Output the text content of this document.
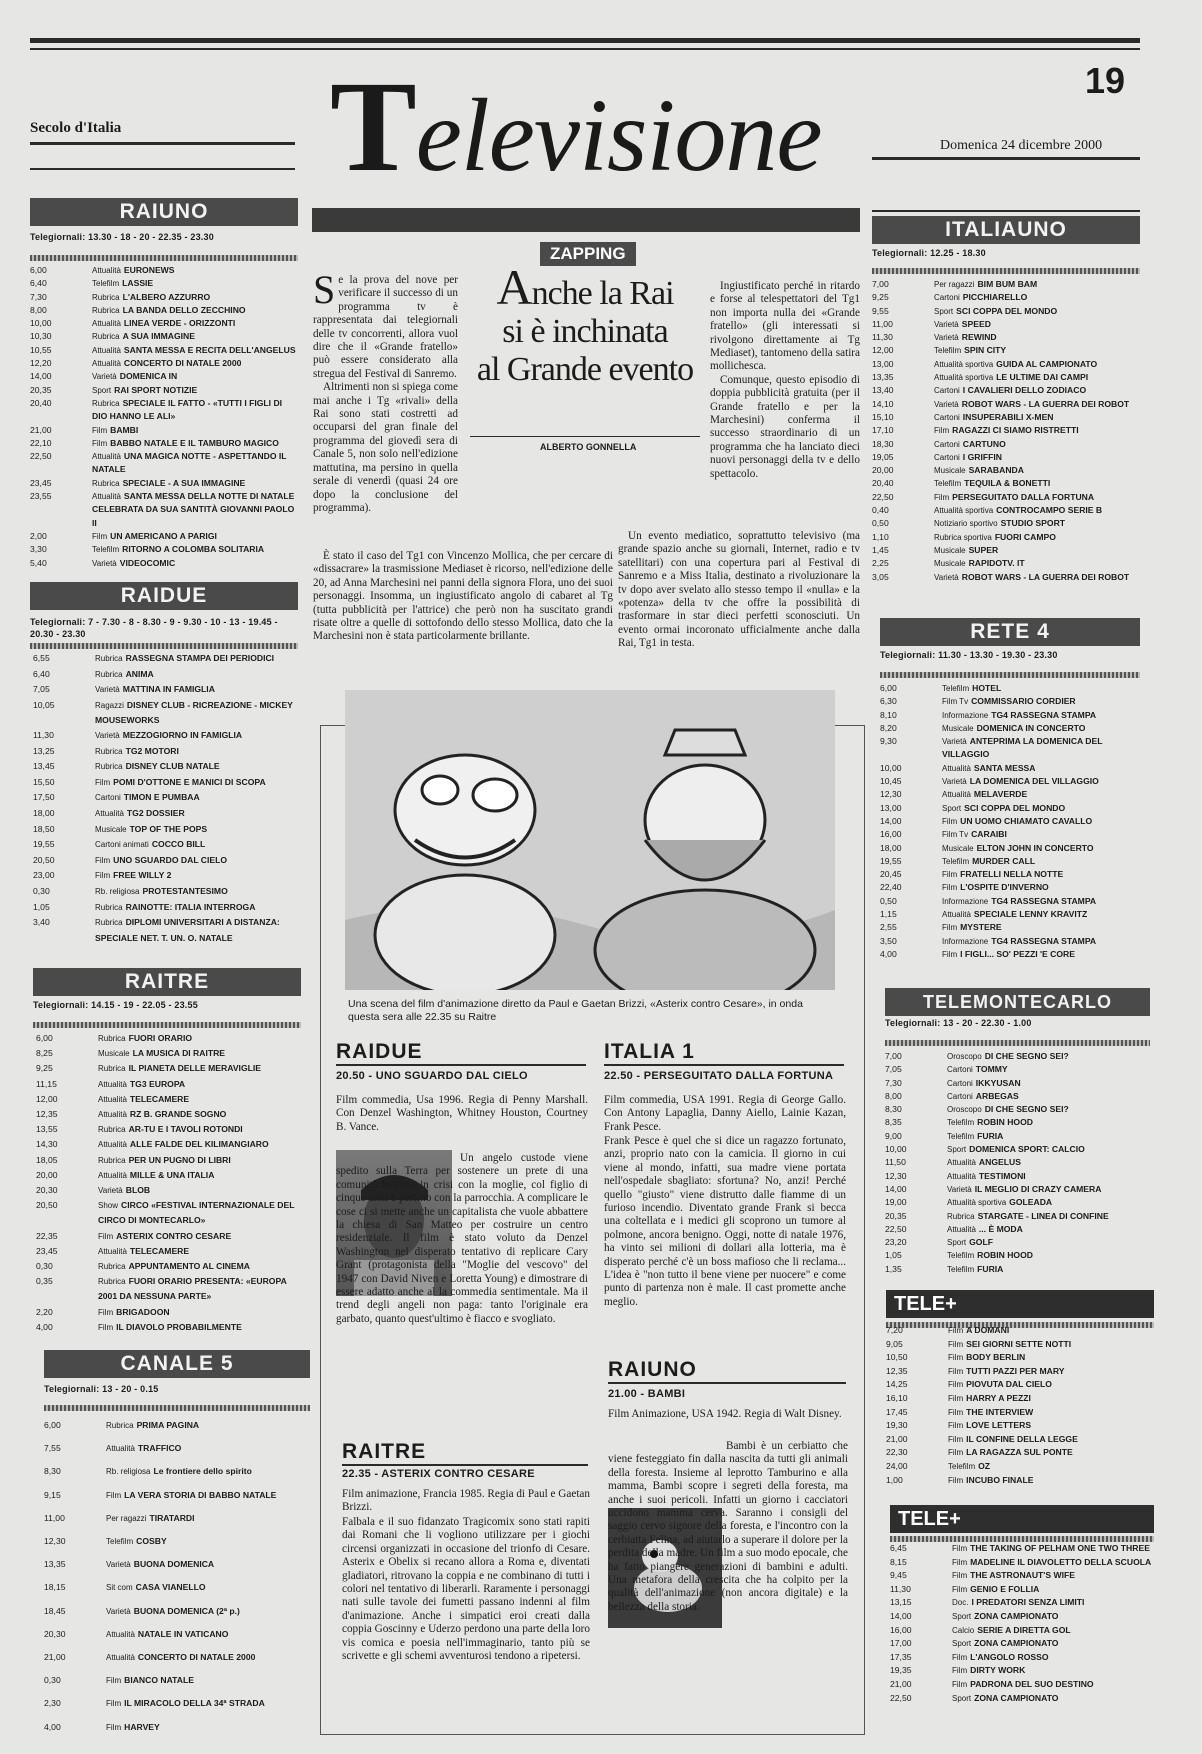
19
Secolo d'Italia Televisione	Domenica 24 dicembre 2000
RAIUNO
Telegiornali: 13.30 - 18 - 20 - 22.35 - 23.30
6,00	Attualità EURONEWS
6,40	Telefilm LASSIE
7,30	Rubrica L'ALBERO AZZURRO
8,00	Rubrica LA BANDA DELLO ZECCHINO
10,00	Attualità LINEA VERDE - ORIZZONTI
10,30	Rubrica A SUA IMMAGINE
10,55	Attualità SANTA MESSA E RECITA DELL'ANGELUS
12,20	Attualità CONCERTO DI NATALE 2000
14,00	Varietà DOMENICA IN
20,35	Sport RAI SPORT NOTIZIE
20,40	Rubrica SPECIALE IL FATTO - «TUTTI I FIGLI DI DIO HANNO LE ALI»
21,00	Film BAMBI
22,10	Film BABBO NATALE E IL TAMBURO MAGICO
22,50	Attualità UNA MAGICA NOTTE - ASPETTANDO IL NATALE
23,45	Rubrica SPECIALE - A SUA IMMAGINE
23,55	Attualità SANTA MESSA DELLA NOTTE DI NATALE CELEBRATA DA SUA SANTITÀ GIOVANNI PAOLO II
2,00	Film UN AMERICANO A PARIGI
3,30	Telefilm RITORNO A COLOMBA SOLITARIA
5,40	Varietà VIDEOCOMIC
RAIDUE
Telegiornali: 7 - 7.30 - 8 - 8.30 - 9 - 9.30 - 10 - 13 - 19.45 - 20.30 - 23.30
6,55	Rubrica RASSEGNA STAMPA DEI PERIODICI
6,40	Rubrica ANIMA
7,05	Varietà MATTINA IN FAMIGLIA
10,05	Ragazzi DISNEY CLUB - RICREAZIONE - MICKEY MOUSEWORKS
11,30	Varietà MEZZOGIORNO IN FAMIGLIA
13,25	Rubrica TG2 MOTORI
13,45	Rubrica DISNEY CLUB NATALE
15,50	Film POMI D'OTTONE E MANICI DI SCOPA
17,50	Cartoni TIMON E PUMBAA
18,00	Attualità TG2 DOSSIER
18,50	Musicale TOP OF THE POPS
19,55	Cartoni animati COCCO BILL
20,50	Film UNO SGUARDO DAL CIELO
23,00	Film FREE WILLY 2
0,30	Rb. religiosa PROTESTANTESIMO
1,05	Rubrica RAINOTTE: ITALIA INTERROGA
3,40	Rubrica DIPLOMI UNIVERSITARI A DISTANZA: SPECIALE NET. T. UN. O. NATALE
RAITRE
Telegiornali: 14.15 - 19 - 22.05 - 23.55
6,00	Rubrica FUORI ORARIO
8,25	Musicale LA MUSICA DI RAITRE
9,25	Rubrica IL PIANETA DELLE MERAVIGLIE
11,15	Attualità TG3 EUROPA
12,00	Attualità TELECAMERE
12,35	Attualità RZ B. GRANDE SOGNO
13,55	Rubrica AR-TU E I TAVOLI ROTONDI
14,30	Attualità ALLE FALDE DEL KILIMANGIARO
18,05	Rubrica PER UN PUGNO DI LIBRI
20,00	Attualità MILLE & UNA ITALIA
20,30	Varietà BLOB
20,50	Show CIRCO «FESTIVAL INTERNAZIONALE DEL CIRCO DI MONTECARLO»
22,35	Film ASTERIX CONTRO CESARE
23,45	Attualità TELECAMERE
0,30	Rubrica APPUNTAMENTO AL CINEMA
0,35	Rubrica FUORI ORARIO PRESENTA: «EUROPA 2001 DA NESSUNA PARTE»
2,20	Film BRIGADOON
4,00	Film IL DIAVOLO PROBABILMENTE
CANALE 5
Telegiornali: 13 - 20 - 0.15
6,00	Rubrica PRIMA PAGINA
7,55	Attualità TRAFFICO
8,30	Rb. religiosa Le frontiere dello spirito
9,15	Film LA VERA STORIA DI BABBO NATALE
11,00	Per ragazzi TIRATARDI
12,30	Telefilm COSBY
13,35	Varietà BUONA DOMENICA
18,15	Sit com CASA VIANELLO
18,45	Varietà BUONA DOMENICA (2ª p.)
20,30	Attualità NATALE IN VATICANO
21,00	Attualità CONCERTO DI NATALE 2000
0,30	Film BIANCO NATALE
2,30	Film IL MIRACOLO DELLA 34ª STRADA
4,00	Film HARVEY
ZAPPING

Se la prova del nove per verificare il successo di un programma tv è rappresentata dai telegiornali delle tv concorrenti, allora vuol dire che il «Grande fratello» può essere considerato alla stregua del Festival di Sanremo.

Altrimenti non si spiega come mai anche i Tg «rivali» della Rai sono stati costretti ad occuparsi del gran finale del programma del giovedì sera di Canale 5, non solo nell'edizione mattutina, ma persino in quella serale di venerdì (quasi 24 ore dopo la conclusione del programma).

Anche la Rai
si è inchinata
al Grande evento
ALBERTO GONNELLA

È stato il caso del Tg1 con Vincenzo Mollica, che per cercare di «dissacrare» la trasmissione Mediaset è ricorso, nell'edizione delle 20, ad Anna Marchesini nei panni della signora Flora, uno dei suoi personaggi. Insomma, un ingiustificato angolo di cabaret al Tg (tutta pubblicità per l'attrice) che però non ha suscitato grandi risate oltre a quelle di sottofondo dello stesso Mollica, dato che la Marchesini non è stata particolarmente brillante.

Ingiustificato perché in ritardo e forse al telespettatori del Tg1 non importa nulla dei «Grande fratello» (gli interessati si rivolgono direttamente ai Tg Mediaset), tantomeno della satira mollichesca.

Comunque, questo episodio di doppia pubblicità gratuita (per il Grande fratello e per la Marchesini) conferma il successo straordinario di un programma che ha lanciato dieci nuovi personaggi della tv e dello spettacolo.

Un evento mediatico, soprattutto televisivo (ma grande spazio anche su giornali, Internet, radio e tv satellitari) con una copertura pari al Festival di Sanremo e a Miss Italia, destinato a rivoluzionare la tv dopo aver svelato allo stesso tempo il «nulla» e la «potenza» della tv che offre la possibilità di trasformare in star dieci perfetti sconosciuti. Un evento ormai incoronato ufficialmente anche dalla Rai, Tg1 in testa.

Una scena del film d'animazione diretto da Paul e Gaetan Brizzi, «Asterix contro Cesare», in onda questa sera alle 22.35 su Raitre
RAIDUE
20.50 - UNO SGUARDO DAL CIELO
Film commedia, Usa 1996. Regia di Penny Marshall. Con Denzel Washington, Whitney Houston, Courtney B. Vance.
Un angelo custode viene spedito sulla Terra per sostenere un prete di una comunità battista in crisi con la moglie, col figlio di cinque anni e perfino con la parrocchia. A complicare le cose ci si mette anche un capitalista che vuole abbattere la chiesa di San Matteo per costruire un centro residenziale. Il film è stato voluto da Denzel Washington nel disperato tentativo di replicare Cary Grant (protagonista della "Moglie del vescovo" del 1947 con David Niven e Loretta Young) e dimostrare di essere adatto anche al la commedia sentimentale. Ma il trend degli angeli non paga: tanto l'originale era garbato, quanto quest'ultimo è fiacco e svogliato.
RAITRE
22.35 - ASTERIX CONTRO CESARE
Film animazione, Francia 1985. Regia di Paul e Gaetan Brizzi.
Falbala e il suo fidanzato Tragicomix sono stati rapiti dai Romani che li vogliono utilizzare per i giochi circensi organizzati in occasione del trionfo di Cesare. Asterix e Obelix si recano allora a Roma e, diventati gladiatori, ritrovano la coppia e ne combinano di tutti i colori nel tentativo di liberarli. Raramente i personaggi nati sulle tavole dei fumetti passano indenni al film d'animazione. Anche i simpatici eroi creati dalla coppia Goscinny e Uderzo perdono una parte della loro vis comica e poesia nell'immaginario, tanto più se scrivette e gli schemi avventurosi tendono a ripetersi.
ITALIA 1
22.50 - PERSEGUITATO DALLA FORTUNA
Film commedia, USA 1991. Regia di George Gallo. Con Antony Lapaglia, Danny Aiello, Lainie Kazan, Frank Pesce.
Frank Pesce è quel che si dice un ragazzo fortunato, anzi, proprio nato con la camicia. Il giorno in cui viene al mondo, infatti, sua madre viene portata nell'ospedale sbagliato: sfortuna? No, anzi! Perché quello "giusto" viene distrutto dalle fiamme di un furioso incendio. Diventato grande Frank si becca una coltellata e i medici gli scoprono un tumore al polmone, ancora benigno. Oggi, notte di natale 1976, ha vinto sei milioni di dollari alla lotteria, ma è disperato perché c'è un boss mafioso che li reclama... L'idea è "non tutto il bene viene per nuocere" e come punto di partenza non è male. Il cast promette anche meglio.
RAIUNO
21.00 - BAMBI
Film Animazione, USA 1942. Regia di Walt Disney.
Bambi è un cerbiatto che viene festeggiato fin dalla nascita da tutti gli animali della foresta. Insieme al leprotto Tamburino e alla mamma, Bambi scopre i segreti della foresta, ma anche i suoi pericoli. Infatti un giorno i cacciatori uccidono mamma cerva. Saranno i consigli del saggio cervo signore della foresta, e l'incontro con la cerbiatta Felina, ad aiutarlo a superare il dolore per la perdita della madre. Un film a suo modo epocale, che ha fatto piangere generazioni di bambini e adulti. Una metafora della crescita che ha colpito per la qualità dell'animazione (non ancora digitale) e la bellezza della storia.
ITALIAUNO
Telegiornali: 12.25 - 18.30
7,00	Per ragazzi BIM BUM BAM
9,25	Cartoni PICCHIARELLO
9,55	Sport SCI COPPA DEL MONDO
11,00	Varietà SPEED
11,30	Varietà REWIND
12,00	Telefilm SPIN CITY
13,00	Attualità sportiva GUIDA AL CAMPIONATO
13,35	Attualità sportiva LE ULTIME DAI CAMPI
13,40	Cartoni I CAVALIERI DELLO ZODIACO
14,10	Varietà ROBOT WARS - LA GUERRA DEI ROBOT
15,10	Cartoni INSUPERABILI X-MEN
17,10	Film RAGAZZI CI SIAMO RISTRETTI
18,30	Cartoni CARTUNO
19,05	Cartoni I GRIFFIN
20,00	Musicale SARABANDA
20,40	Telefilm TEQUILA & BONETTI
22,50	Film PERSEGUITATO DALLA FORTUNA
0,40	Attualità sportiva CONTROCAMPO SERIE B
0,50	Notiziario sportivo STUDIO SPORT
1,10	Rubrica sportiva FUORI CAMPO
1,45	Musicale SUPER
2,25	Musicale RAPIDOTV. IT
3,05	Varietà ROBOT WARS - LA GUERRA DEI ROBOT
RETE 4
Telegiornali: 11.30 - 13.30 - 19.30 - 23.30
6,00	Telefilm HOTEL
6,30	Film Tv COMMISSARIO CORDIER
8,10	Informazione TG4 RASSEGNA STAMPA
8,20	Musicale DOMENICA IN CONCERTO
9,30	Varietà ANTEPRIMA LA DOMENICA DEL VILLAGGIO
10,00	Attualità SANTA MESSA
10,45	Varietà LA DOMENICA DEL VILLAGGIO
12,30	Attualità MELAVERDE
13,00	Sport SCI COPPA DEL MONDO
14,00	Film UN UOMO CHIAMATO CAVALLO
16,00	Film Tv CARAIBI
18,00	Musicale ELTON JOHN IN CONCERTO
19,55	Telefilm MURDER CALL
20,45	Film FRATELLI NELLA NOTTE
22,40	Film L'OSPITE D'INVERNO
0,50	Informazione TG4 RASSEGNA STAMPA
1,15	Attualità SPECIALE LENNY KRAVITZ
2,55	Film MYSTERE
3,50	Informazione TG4 RASSEGNA STAMPA
4,00	Film I FIGLI... SO' PEZZI 'E CORE
TELEMONTECARLO
Telegiornali: 13 - 20 - 22.30 - 1.00
7,00	Oroscopo DI CHE SEGNO SEI?
7,05	Cartoni TOMMY
7,30	Cartoni IKKYUSAN
8,00	Cartoni ARBEGAS
8,30	Oroscopo DI CHE SEGNO SEI?
8,35	Telefilm ROBIN HOOD
9,00	Telefilm FURIA
10,00	Sport DOMENICA SPORT: CALCIO
11,50	Attualità ANGELUS
12,30	Attualità TESTIMONI
14,00	Varietà IL MEGLIO DI CRAZY CAMERA
19,00	Attualità sportiva GOLEADA
20,35	Rubrica STARGATE - LINEA DI CONFINE
22,50	Attualità ... È MODA
23,20	Sport GOLF
1,05	Telefilm ROBIN HOOD
1,35	Telefilm FURIA
TELE+
7,20	Film A DOMANI
9,05	Film SEI GIORNI SETTE NOTTI
10,50	Film BODY BERLIN
12,35	Film TUTTI PAZZI PER MARY
14,25	Film PIOVUTA DAL CIELO
16,10	Film HARRY A PEZZI
17,45	Film THE INTERVIEW
19,30	Film LOVE LETTERS
21,00	Film IL CONFINE DELLA LEGGE
22,30	Film LA RAGAZZA SUL PONTE
24,00	Telefilm OZ
1,00	Film INCUBO FINALE
TELE+
6,45	Film THE TAKING OF PELHAM ONE TWO THREE
8,15	Film MADELINE IL DIAVOLETTO DELLA SCUOLA
9,45	Film THE ASTRONAUT'S WIFE
11,30	Film GENIO E FOLLIA
13,15	Doc. I PREDATORI SENZA LIMITI
14,00	Sport ZONA CAMPIONATO
16,00	Calcio SERIE A DIRETTA GOL
17,00	Sport ZONA CAMPIONATO
17,35	Film L'ANGOLO ROSSO
19,35	Film DIRTY WORK
21,00	Film PADRONA DEL SUO DESTINO
22,50	Sport ZONA CAMPIONATO
